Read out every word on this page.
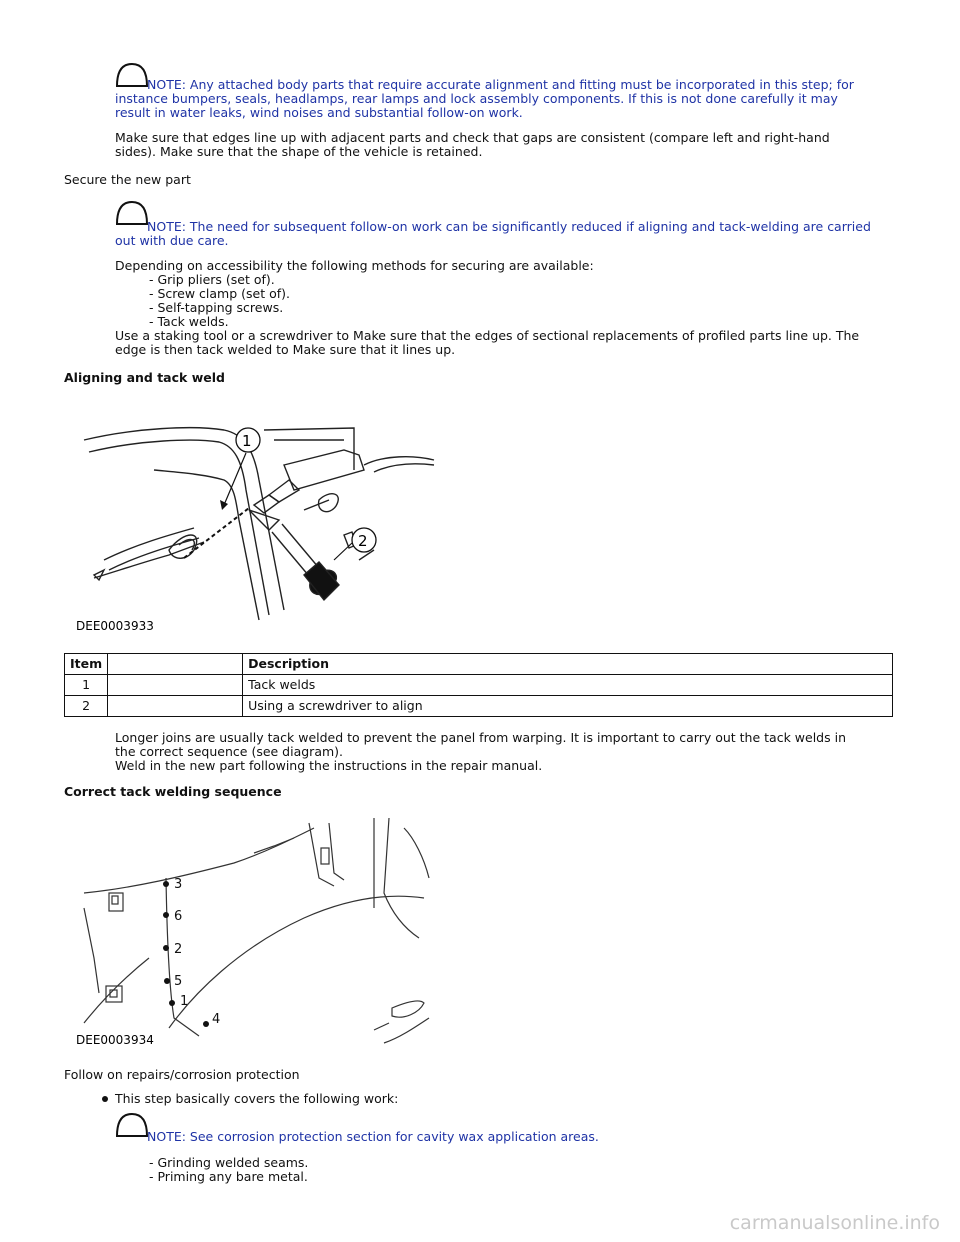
NOTE: Any attached body parts that require accurate alignment and fitting must be incorporated in this step; for
instance bumpers, seals, headlamps, rear lamps and lock assembly components. If this is not done carefully it may
result in water leaks, wind noises and substantial follow-on work.
Make sure that edges line up with adjacent parts and check that gaps are consistent (compare left and right-hand
sides). Make sure that the shape of the vehicle is retained.
Secure the new part
NOTE: The need for subsequent follow-on work can be significantly reduced if aligning and tack-welding are carried
out with due care.
Depending on accessibility the following methods for securing are available:
- Grip pliers (set of).
- Screw clamp (set of).
- Self-tapping screws.
- Tack welds.
Use a staking tool or a screwdriver to Make sure that the edges of sectional replacements of profiled parts line up. The
edge is then tack welded to Make sure that it lines up.
Aligning and tack weld
1
2
DEE0003933
Item		Description
1		Tack welds
2		Using a screwdriver to align
Longer joins are usually tack welded to prevent the panel from warping. It is important to carry out the tack welds in
the correct sequence (see diagram).
Weld in the new part following the instructions in the repair manual.
Correct tack welding sequence
3
6
2
5
1
4
DEE0003934
Follow on repairs/corrosion protection
This step basically covers the following work:
NOTE: See corrosion protection section for cavity wax application areas.
- Grinding welded seams.
- Priming any bare metal.
carmanualsonline.info
